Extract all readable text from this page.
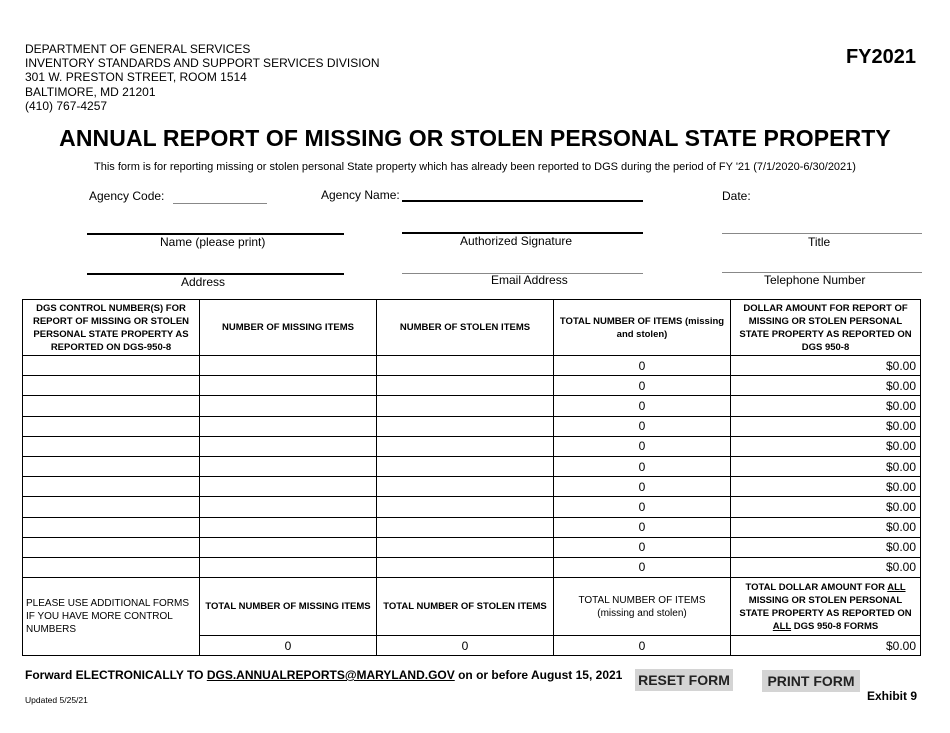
DEPARTMENT OF GENERAL SERVICES
INVENTORY STANDARDS AND SUPPORT SERVICES DIVISION
301 W. PRESTON STREET, ROOM 1514
BALTIMORE, MD 21201
(410) 767-4257
FY2021
ANNUAL REPORT OF MISSING OR STOLEN PERSONAL STATE PROPERTY
This form is for reporting missing or stolen personal State property which has already been reported to DGS during the period of FY '21 (7/1/2020-6/30/2021)
Agency Code:	Agency Name:	Date:
Name (please print)	Authorized Signature	Title
Address	Email Address	Telephone Number
DGS CONTROL NUMBER(S) FOR REPORT OF MISSING OR STOLEN PERSONAL STATE PROPERTY AS REPORTED ON DGS-950-8	NUMBER OF MISSING ITEMS	NUMBER OF STOLEN ITEMS	TOTAL NUMBER OF ITEMS (missing and stolen)	DOLLAR AMOUNT FOR REPORT OF MISSING OR STOLEN PERSONAL STATE PROPERTY AS REPORTED ON DGS 950-8
			0	$0.00
			0	$0.00
			0	$0.00
			0	$0.00
			0	$0.00
			0	$0.00
			0	$0.00
			0	$0.00
			0	$0.00
			0	$0.00
			0	$0.00
PLEASE USE ADDITIONAL FORMS IF YOU HAVE MORE CONTROL NUMBERS	TOTAL NUMBER OF MISSING ITEMS	TOTAL NUMBER OF STOLEN ITEMS	TOTAL NUMBER OF ITEMS (missing and stolen)	TOTAL DOLLAR AMOUNT FOR ALL MISSING OR STOLEN PERSONAL STATE PROPERTY AS REPORTED ON ALL DGS 950-8 FORMS
	0	0	0	$0.00
Forward ELECTRONICALLY TO DGS.ANNUALREPORTS@MARYLAND.GOV on or before August 15, 2021 RESET FORM	PRINT FORM
Updated 5/25/21	Exhibit 9
